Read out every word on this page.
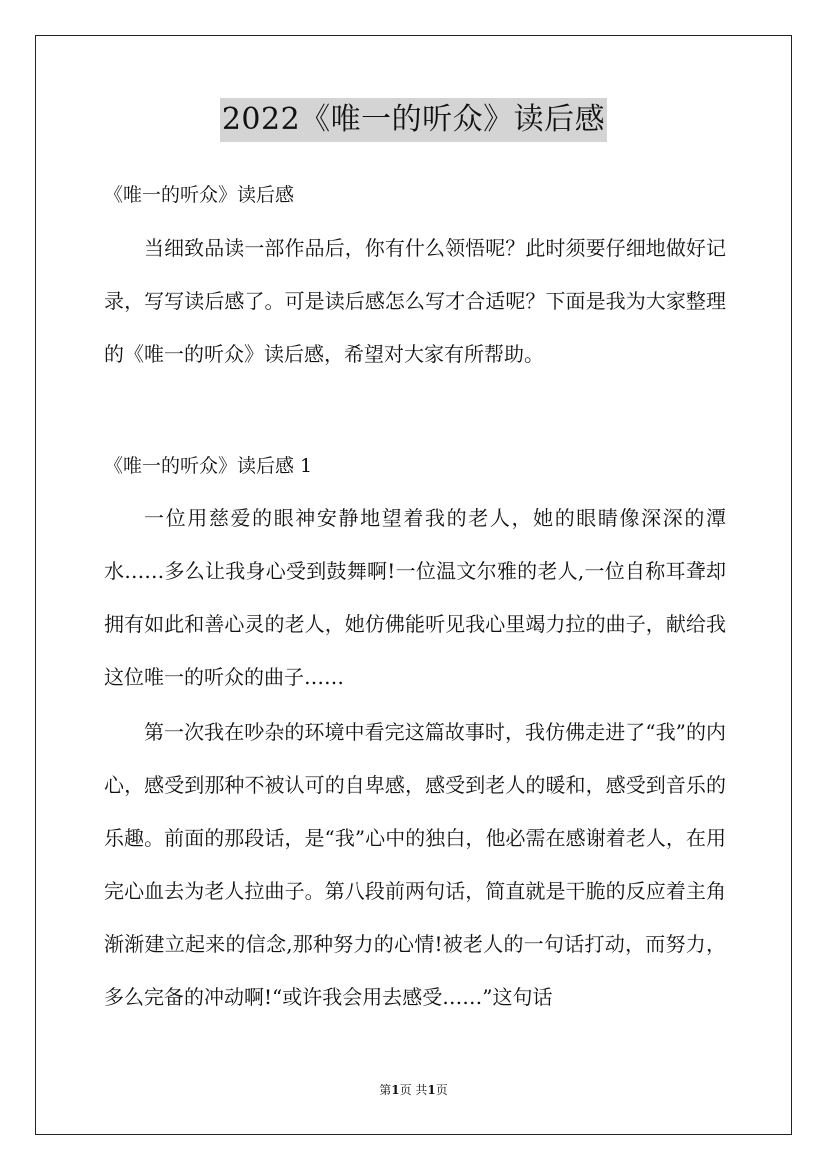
2022《唯一的听众》读后感
《唯一的听众》读后感

当细致品读一部作品后，你有什么领悟呢？此时须要仔细地做好记录，写写读后感了。可是读后感怎么写才合适呢？下面是我为大家整理的《唯一的听众》读后感，希望对大家有所帮助。

《唯一的听众》读后感 1

一位用慈爱的眼神安静地望着我的老人，她的眼睛像深深的潭水……多么让我身心受到鼓舞啊!一位温文尔雅的老人,一位自称耳聋却拥有如此和善心灵的老人，她仿佛能听见我心里竭力拉的曲子，献给我这位唯一的听众的曲子……

第一次我在吵杂的环境中看完这篇故事时，我仿佛走进了“我”的内心，感受到那种不被认可的自卑感，感受到老人的暖和，感受到音乐的乐趣。前面的那段话，是“我”心中的独白，他必需在感谢着老人，在用完心血去为老人拉曲子。第八段前两句话，简直就是干脆的反应着主角渐渐建立起来的信念,那种努力的心情!被老人的一句话打动，而努力，多么完备的冲动啊!“或许我会用去感受……”这句话

第1页 共1页
